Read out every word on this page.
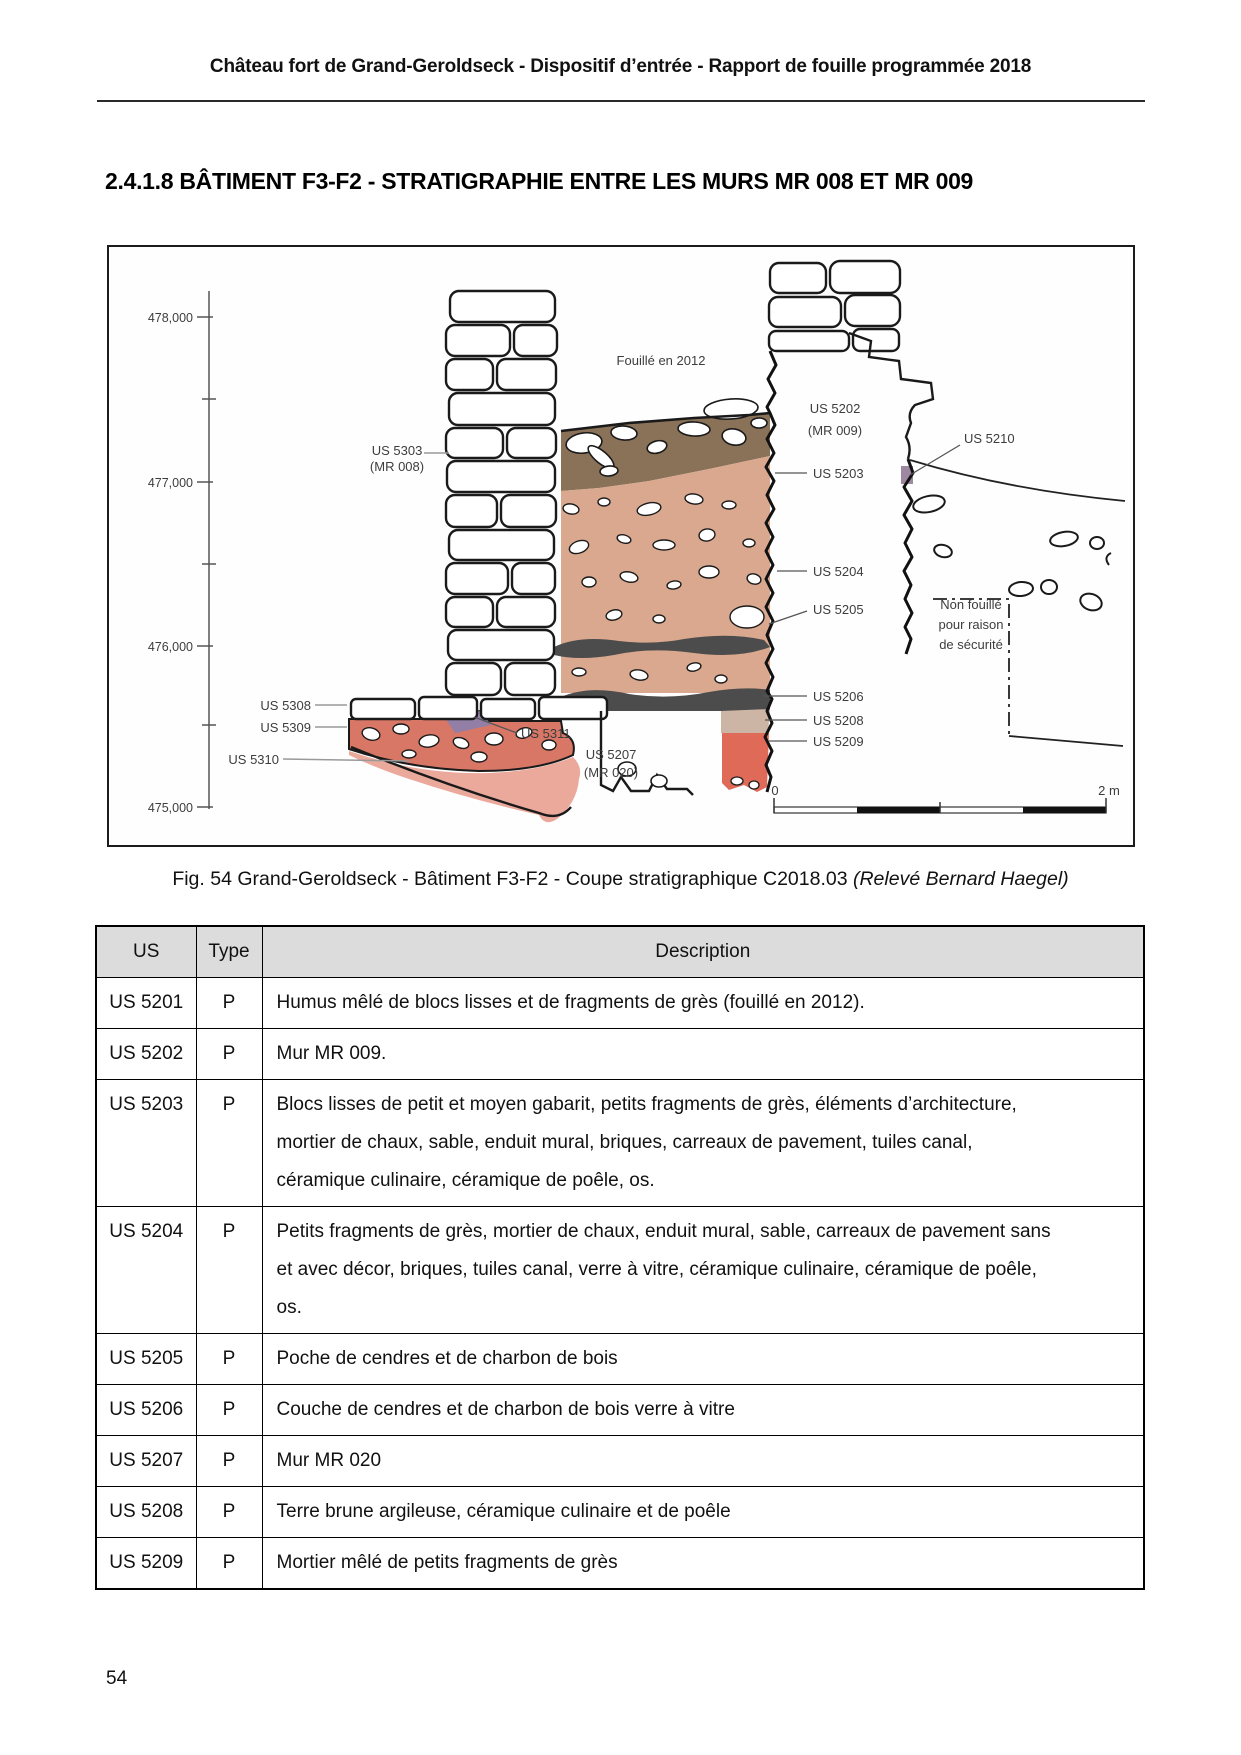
Château fort de Grand-Geroldseck - Dispositif d’entrée - Rapport de fouille programmée 2018
2.4.1.8 BÂTIMENT F3-F2 - STRATIGRAPHIE ENTRE LES MURS MR 008 ET MR 009
478,000
477,000
476,000
475,000
Fouillé en 2012
US 5303
(MR 008)
US 5202
(MR 009)
US 5203
US 5204
US 5205
US 5206
US 5208
US 5209
US 5210
US 5207
(MR 020)
US 5308
US 5309
US 5310
US 5311
Non fouillé
pour raison
de sécurité
0	2 m
Fig. 54 Grand-Geroldseck - Bâtiment F3-F2 - Coupe stratigraphique C2018.03 (Relevé Bernard Haegel)
US	Type	Description
US 5201	P	Humus mêlé de blocs lisses et de fragments de grès (fouillé en 2012).
US 5202	P	Mur MR 009.
US 5203	P	Blocs lisses de petit et moyen gabarit, petits fragments de grès, éléments d’architecture, mortier de chaux, sable, enduit mural, briques, carreaux de pavement, tuiles canal, céramique culinaire, céramique de poêle, os.
US 5204	P	Petits fragments de grès, mortier de chaux, enduit mural, sable, carreaux de pavement sans et avec décor, briques, tuiles canal, verre à vitre, céramique culinaire, céramique de poêle, os.
US 5205	P	Poche de cendres et de charbon de bois
US 5206	P	Couche de cendres et de charbon de bois verre à vitre
US 5207	P	Mur MR 020
US 5208	P	Terre brune argileuse, céramique culinaire et de poêle
US 5209	P	Mortier mêlé de petits fragments de grès
54
